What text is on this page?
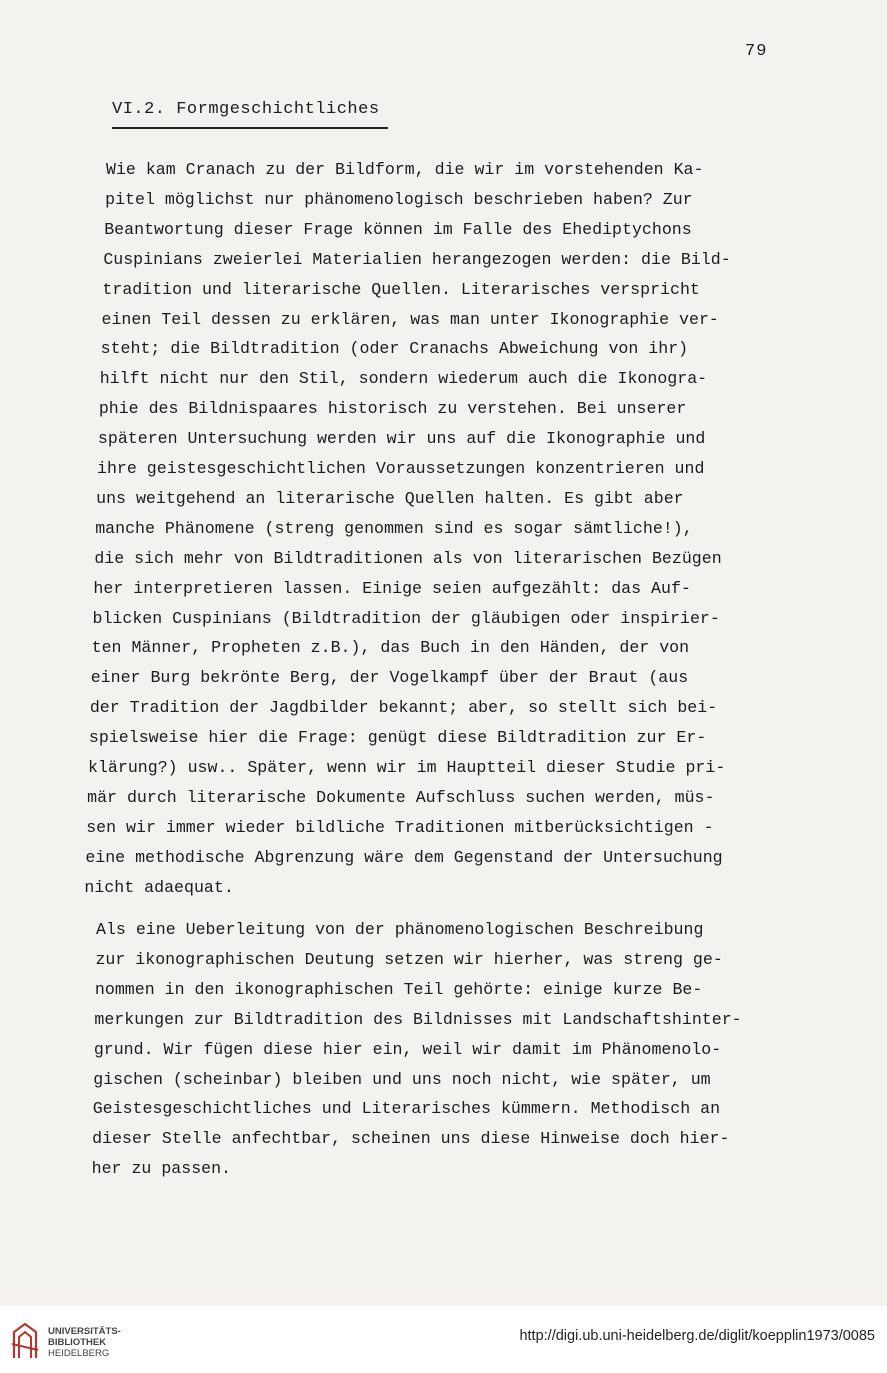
79
VI.2. Formgeschichtliches
Wie kam Cranach zu der Bildform, die wir im vorstehenden Ka-
pitel möglichst nur phänomenologisch beschrieben haben? Zur
Beantwortung dieser Frage können im Falle des Ehediptychons
Cuspinians zweierlei Materialien herangezogen werden: die Bild-
tradition und literarische Quellen. Literarisches verspricht
einen Teil dessen zu erklären, was man unter Ikonographie ver-
steht; die Bildtradition (oder Cranachs Abweichung von ihr)
hilft nicht nur den Stil, sondern wiederum auch die Ikonogra-
phie des Bildnispaares historisch zu verstehen. Bei unserer
späteren Untersuchung werden wir uns auf die Ikonographie und
ihre geistesgeschichtlichen Voraussetzungen konzentrieren und
uns weitgehend an literarische Quellen halten. Es gibt aber
manche Phänomene (streng genommen sind es sogar sämtliche!),
die sich mehr von Bildtraditionen als von literarischen Bezügen
her interpretieren lassen. Einige seien aufgezählt: das Auf-
blicken Cuspinians (Bildtradition der gläubigen oder inspirier-
ten Männer, Propheten z.B.), das Buch in den Händen, der von
einer Burg bekrönte Berg, der Vogelkampf über der Braut (aus
der Tradition der Jagdbilder bekannt; aber, so stellt sich bei-
spielsweise hier die Frage: genügt diese Bildtradition zur Er-
klärung?) usw.. Später, wenn wir im Hauptteil dieser Studie pri-
mär durch literarische Dokumente Aufschluss suchen werden, müs-
sen wir immer wieder bildliche Traditionen mitberücksichtigen -
eine methodische Abgrenzung wäre dem Gegenstand der Untersuchung
nicht adaequat.
Als eine Ueberleitung von der phänomenologischen Beschreibung
zur ikonographischen Deutung setzen wir hierher, was streng ge-
nommen in den ikonographischen Teil gehörte: einige kurze Be-
merkungen zur Bildtradition des Bildnisses mit Landschaftshinter-
grund. Wir fügen diese hier ein, weil wir damit im Phänomenolo-
gischen (scheinbar) bleiben und uns noch nicht, wie später, um
Geistesgeschichtliches und Literarisches kümmern. Methodisch an
dieser Stelle anfechtbar, scheinen uns diese Hinweise doch hier-
her zu passen.
UNIVERSITÄTS-
BIBLIOTHEK
HEIDELBERG
http://digi.ub.uni-heidelberg.de/diglit/koepplin1973/0085
